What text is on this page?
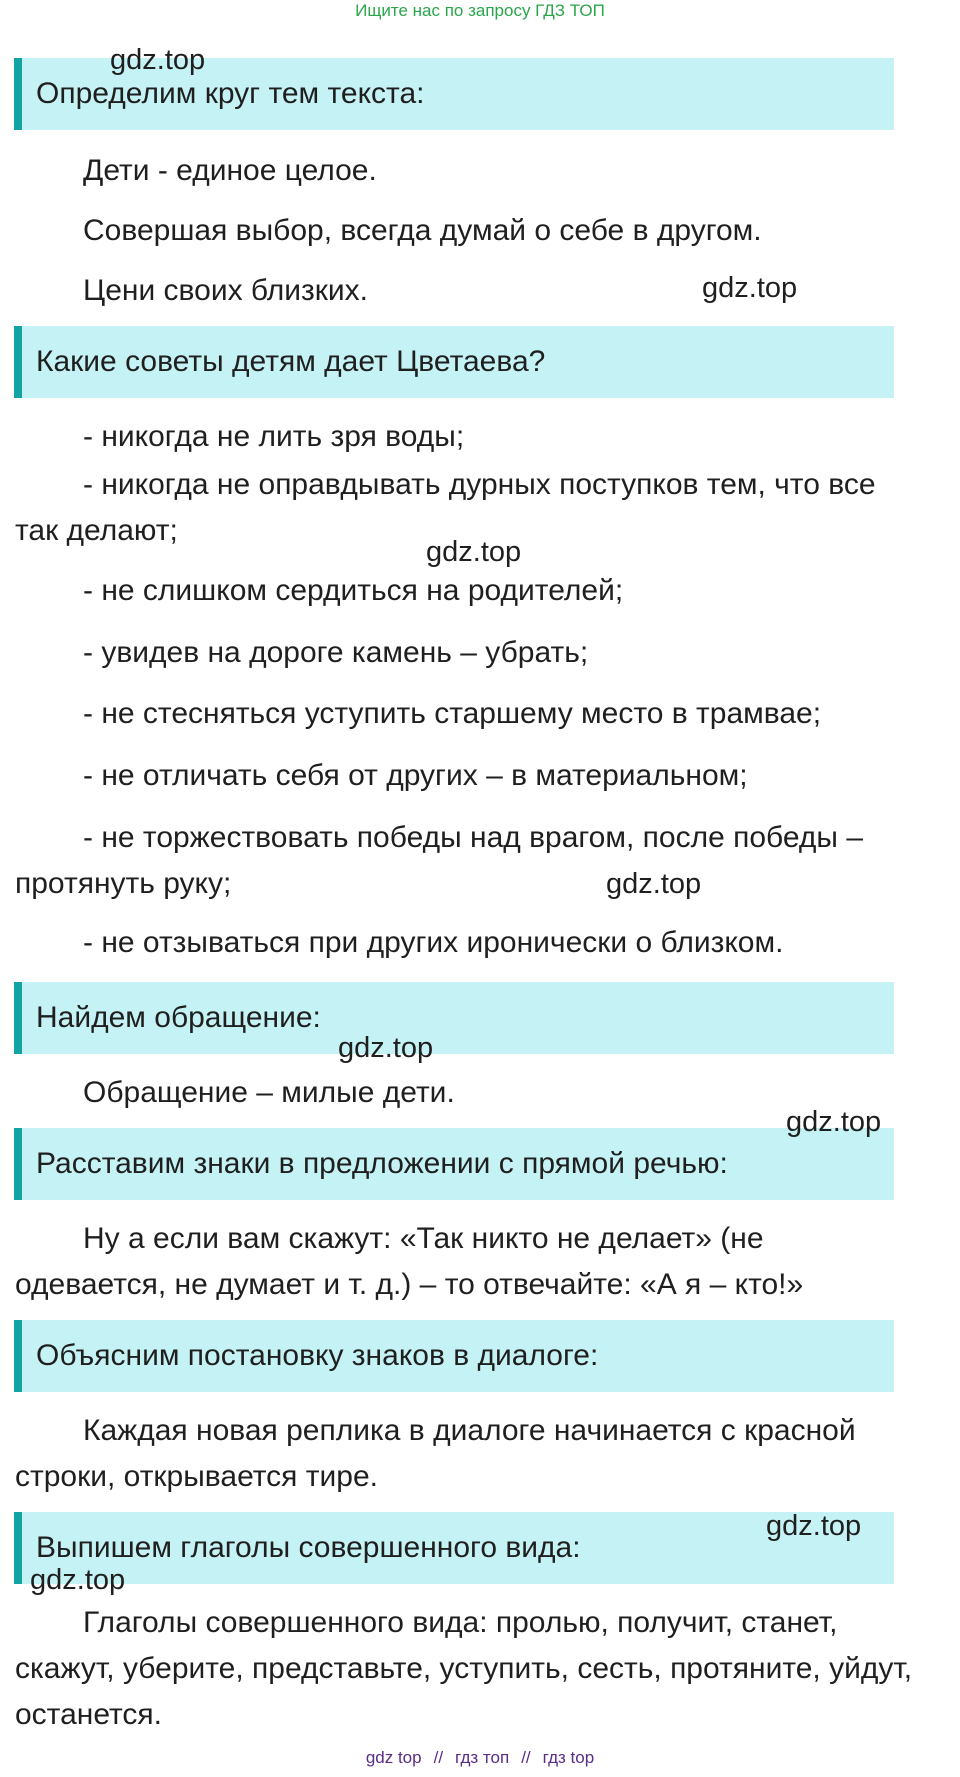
Ищите нас по запросу ГДЗ ТОП
Определим круг тем текста:

Дети - единое целое.

Совершая выбор, всегда думай о себе в другом.

Цени своих близких.

Какие советы детям дает Цветаева?

- никогда не лить зря воды;

- никогда не оправдывать дурных поступков тем, что все так делают;

- не слишком сердиться на родителей;

- увидев на дороге камень – убрать;

- не стесняться уступить старшему место в трамвае;

- не отличать себя от других – в материальном;

- не торжествовать победы над врагом, после победы – протянуть руку;

- не отзываться при других иронически о близком.

Найдем обращение:

Обращение – милые дети.

Расставим знаки в предложении с прямой речью:

Ну а если вам скажут: «Так никто не делает» (не одевается, не думает и т. д.) – то отвечайте: «А я – кто!»

Объясним постановку знаков в диалоге:

Каждая новая реплика в диалоге начинается с красной строки, открывается тире.

Выпишем глаголы совершенного вида:

Глаголы совершенного вида: пролью, получит, станет, скажут, уберите, представьте, уступить, сесть, протяните, уйдут, останется.

gdz.top
gdz.top
gdz.top
gdz.top
gdz.top
gdz.top
gdz.top
gdz.top
gdz top // гдз топ // гдз top
